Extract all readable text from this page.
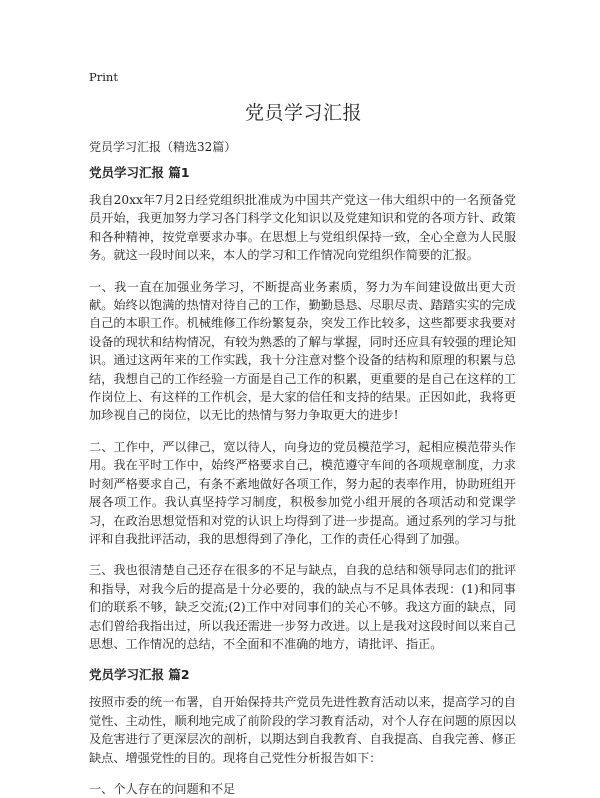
Print
党员学习汇报
党员学习汇报（精选32篇）
党员学习汇报 篇1

我自20xx年7月2日经党组织批准成为中国共产党这一伟大组织中的一名预备党员开始，我更加努力学习各门科学文化知识以及党建知识和党的各项方针、政策和各种精神，按党章要求办事。在思想上与党组织保持一致，全心全意为人民服务。就这一段时间以来，本人的学习和工作情况向党组织作简要的汇报。

一、我一直在加强业务学习，不断提高业务素质，努力为车间建设做出更大贡献。始终以饱满的热情对待自己的工作，勤勤恳恳、尽职尽责、踏踏实实的完成自己的本职工作。机械维修工作纷繁复杂，突发工作比较多，这些都要求我要对设备的现状和结构情况，有较为熟悉的了解与掌握，同时还应具有较强的理论知识。通过这两年来的工作实践，我十分注意对整个设备的结构和原理的积累与总结，我想自己的工作经验一方面是自己工作的积累，更重要的是自己在这样的工作岗位上、有这样的工作机会，是大家的信任和支持的结果。正因如此，我将更加珍视自己的岗位，以无比的热情与努力争取更大的进步!

二、工作中，严以律己，宽以待人，向身边的党员模范学习，起相应模范带头作用。我在平时工作中，始终严格要求自己，模范遵守车间的各项规章制度，力求时刻严格要求自己，有条不紊地做好各项工作，努力起的表率作用，协助班组开展各项工作。我认真坚持学习制度，积极参加党小组开展的各项活动和党课学习，在政治思想觉悟和对党的认识上均得到了进一步提高。通过系列的学习与批评和自我批评活动，我的思想得到了净化，工作的责任心得到了加强。

三、我也很清楚自己还存在很多的不足与缺点，自我的总结和领导同志们的批评和指导，对我今后的提高是十分必要的，我的缺点与不足具体表现：(1)和同事们的联系不够，缺乏交流;(2)工作中对同事们的关心不够。我这方面的缺点，同志们曾给我指出过，所以我还需进一步努力改进。以上是我对这段时间以来自己思想、工作情况的总结，不全面和不准确的地方，请批评、指正。

党员学习汇报 篇2

按照市委的统一布署，自开始保持共产党员先进性教育活动以来，提高学习的自觉性、主动性，顺利地完成了前阶段的学习教育活动，对个人存在问题的原因以及危害进行了更深层次的剖析，以期达到自我教育、自我提高、自我完善、修正缺点、增强党性的目的。现将自己党性分析报告如下：

一、个人存在的问题和不足
